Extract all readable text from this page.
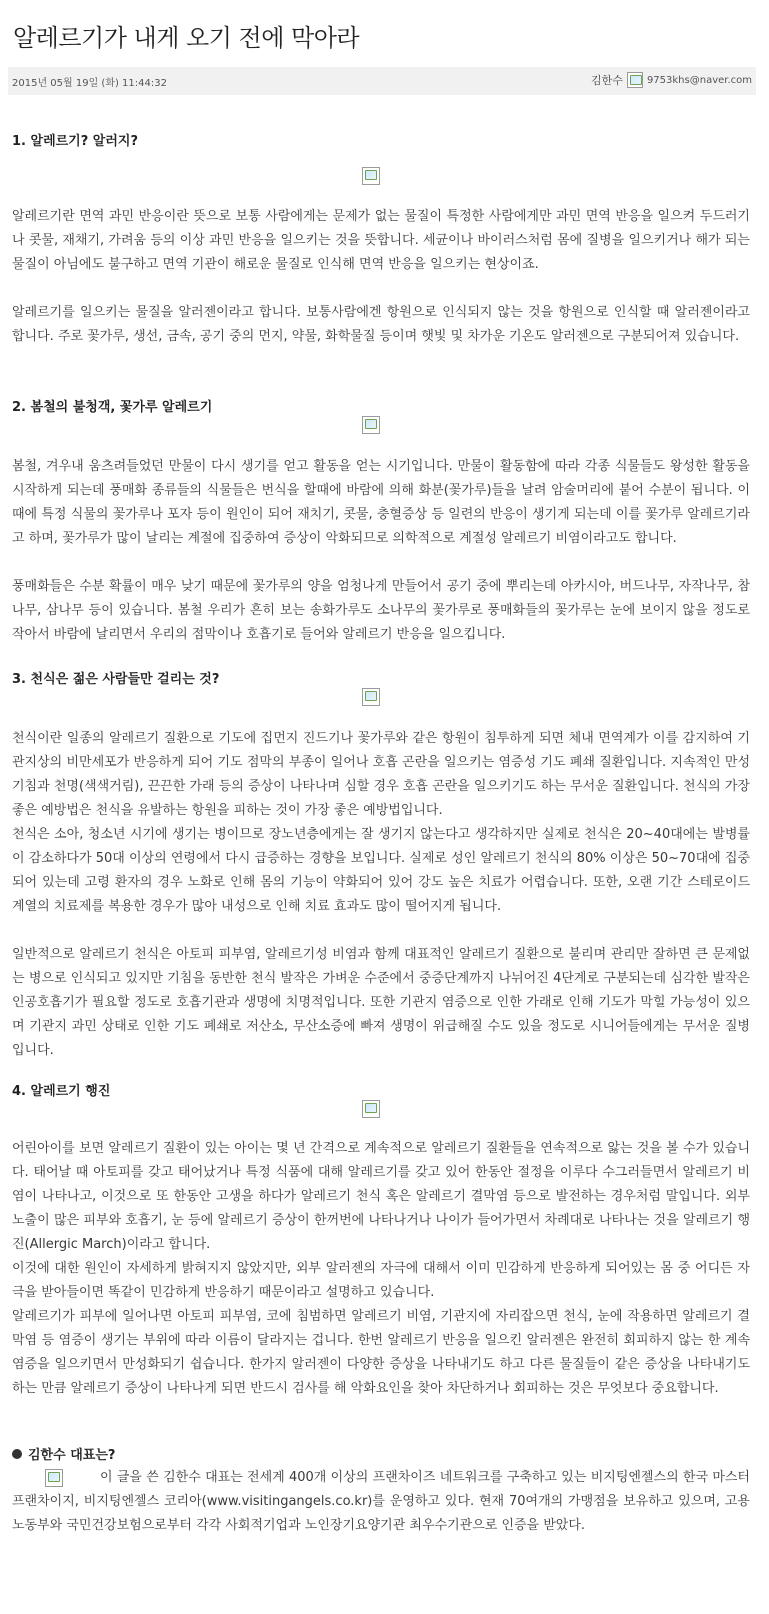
알레르기가 내게 오기 전에 막아라
2015년 05월 19일 (화) 11:44:32	김한수 9753khs@naver.com
1. 알레르기? 알러지?

알레르기란 면역 과민 반응이란 뜻으로 보통 사람에게는 문제가 없는 물질이 특정한 사람에게만 과민 면역 반응을 일으켜 두드러기나 콧물, 재채기, 가려움 등의 이상 과민 반응을 일으키는 것을 뜻합니다. 세균이나 바이러스처럼 몸에 질병을 일으키거나 해가 되는 물질이 아님에도 불구하고 면역 기관이 해로운 물질로 인식해 면역 반응을 일으키는 현상이죠.

알레르기를 일으키는 물질을 알러젠이라고 합니다. 보통사람에겐 항원으로 인식되지 않는 것을 항원으로 인식할 때 알러젠이라고 합니다. 주로 꽃가루, 생선, 금속, 공기 중의 먼지, 약물, 화학물질 등이며 햇빛 및 차가운 기온도 알러젠으로 구분되어져 있습니다.

2. 봄철의 불청객, 꽃가루 알레르기

봄철, 겨우내 움츠려들었던 만물이 다시 생기를 얻고 활동을 얻는 시기입니다. 만물이 활동함에 따라 각종 식물들도 왕성한 활동을 시작하게 되는데 풍매화 종류들의 식물들은 번식을 할때에 바람에 의해 화분(꽃가루)들을 날려 암술머리에 붙어 수분이 됩니다. 이때에 특정 식물의 꽃가루나 포자 등이 원인이 되어 재치기, 콧물, 충혈증상 등 일련의 반응이 생기게 되는데 이를 꽃가루 알레르기라고 하며, 꽃가루가 많이 날리는 계절에 집중하여 증상이 악화되므로 의학적으로 계절성 알레르기 비염이라고도 합니다.

풍매화들은 수분 확률이 매우 낮기 때문에 꽃가루의 양을 엄청나게 만들어서 공기 중에 뿌리는데 아카시아, 버드나무, 자작나무, 참나무, 삼나무 등이 있습니다. 봄철 우리가 흔히 보는 송화가루도 소나무의 꽃가루로 풍매화들의 꽃가루는 눈에 보이지 않을 정도로 작아서 바람에 날리면서 우리의 점막이나 호흡기로 들어와 알레르기 반응을 일으킵니다.

3. 천식은 젊은 사람들만 걸리는 것?

천식이란 일종의 알레르기 질환으로 기도에 집먼지 진드기나 꽃가루와 같은 항원이 침투하게 되면 체내 면역계가 이를 감지하여 기관지상의 비만세포가 반응하게 되어 기도 점막의 부종이 일어나 호흡 곤란을 일으키는 염증성 기도 폐쇄 질환입니다. 지속적인 만성기침과 천명(색색거림), 끈끈한 가래 등의 증상이 나타나며 심할 경우 호흡 곤란을 일으키기도 하는 무서운 질환입니다. 천식의 가장 좋은 예방법은 천식을 유발하는 항원을 피하는 것이 가장 좋은 예방법입니다.

천식은 소아, 청소년 시기에 생기는 병이므로 장노년층에게는 잘 생기지 않는다고 생각하지만 실제로 천식은 20~40대에는 발병률이 감소하다가 50대 이상의 연령에서 다시 급증하는 경향을 보입니다. 실제로 성인 알레르기 천식의 80% 이상은 50~70대에 집중되어 있는데 고령 환자의 경우 노화로 인해 몸의 기능이 약화되어 있어 강도 높은 치료가 어렵습니다. 또한, 오랜 기간 스테로이드 계열의 치료제를 복용한 경우가 많아 내성으로 인해 치료 효과도 많이 떨어지게 됩니다.

일반적으로 알레르기 천식은 아토피 피부염, 알레르기성 비염과 함께 대표적인 알레르기 질환으로 불리며 관리만 잘하면 큰 문제없는 병으로 인식되고 있지만 기침을 동반한 천식 발작은 가벼운 수준에서 중증단계까지 나뉘어진 4단계로 구분되는데 심각한 발작은 인공호흡기가 필요할 정도로 호흡기관과 생명에 치명적입니다. 또한 기관지 염증으로 인한 가래로 인해 기도가 막힐 가능성이 있으며 기관지 과민 상태로 인한 기도 폐쇄로 저산소, 무산소증에 빠져 생명이 위급해질 수도 있을 정도로 시니어들에게는 무서운 질병입니다.

4. 알레르기 행진

어린아이를 보면 알레르기 질환이 있는 아이는 몇 년 간격으로 계속적으로 알레르기 질환들을 연속적으로 앓는 것을 볼 수가 있습니다. 태어날 때 아토피를 갖고 태어났거나 특정 식품에 대해 알레르기를 갖고 있어 한동안 절정을 이루다 수그러들면서 알레르기 비염이 나타나고, 이것으로 또 한동안 고생을 하다가 알레르기 천식 혹은 알레르기 결막염 등으로 발전하는 경우처럼 말입니다. 외부 노출이 많은 피부와 호흡기, 눈 등에 알레르기 증상이 한꺼번에 나타나거나 나이가 들어가면서 차례대로 나타나는 것을 알레르기 행진(Allergic March)이라고 합니다.

이것에 대한 원인이 자세하게 밝혀지지 않았지만, 외부 알러젠의 자극에 대해서 이미 민감하게 반응하게 되어있는 몸 중 어디든 자극을 받아들이면 똑같이 민감하게 반응하기 때문이라고 설명하고 있습니다.

알레르기가 피부에 일어나면 아토피 피부염, 코에 침범하면 알레르기 비염, 기관지에 자리잡으면 천식, 눈에 작용하면 알레르기 결막염 등 염증이 생기는 부위에 따라 이름이 달라지는 겁니다. 한번 알레르기 반응을 일으킨 알러젠은 완전히 회피하지 않는 한 계속 염증을 일으키면서 만성화되기 쉽습니다. 한가지 알러젠이 다양한 증상을 나타내기도 하고 다른 물질들이 같은 증상을 나타내기도 하는 만큼 알레르기 증상이 나타나게 되면 반드시 검사를 해 악화요인을 찾아 차단하거나 회피하는 것은 무엇보다 중요합니다.

김한수 대표는?

이 글을 쓴 김한수 대표는 전세계 400개 이상의 프랜차이즈 네트워크를 구축하고 있는 비지팅엔젤스의 한국 마스터 프랜차이지, 비지팅엔젤스 코리아(www.visitingangels.co.kr)를 운영하고 있다. 현재 70여개의 가맹점을 보유하고 있으며, 고용노동부와 국민건강보험으로부터 각각 사회적기업과 노인장기요양기관 최우수기관으로 인증을 받았다.
